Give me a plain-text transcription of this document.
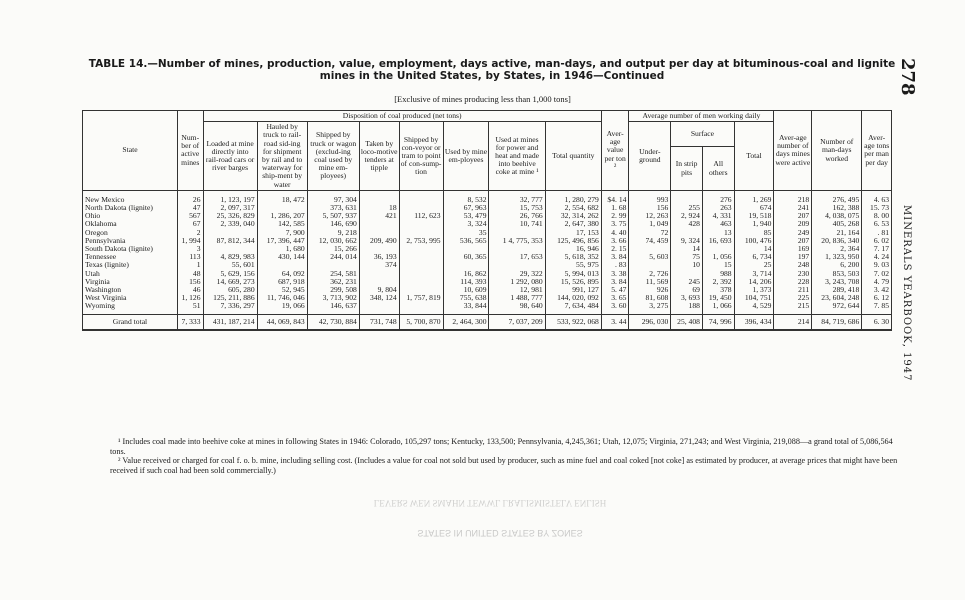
TABLE 14.—Number of mines, production, value, employment, days active, man-days, and output per day at bituminous-coal and lignite
mines in the United States, by States, in 1946—Continued
[Exclusive of mines producing less than 1,000 tons]
278
MINERALS YEARBOOK, 1947
State	Num-ber of active mines	Disposition of coal produced (net tons)								Aver-age value per ton ²	Average number of men working daily				Aver-age number of days mines were active	Number of man-days worked	Aver-age tons per man per day
		Loaded at mine directly into rail-road cars or river barges	Hauled by truck to rail-road sid-ing for shipment by rail and to waterway for ship-ment by water	Shipped by truck or wagon (exclud-ing coal used by mine em-ployees)	Taken by loco-motive tenders at tipple	Shipped by con-veyor or tram to point of con-sump-tion	Used by mine em-ployees	Used at mines for power and heat and made into beehive coke at mine ¹	Total quantity		Under-ground	Surface		Total			
												In strip pits	All others				
New Mexico	26	1, 123, 197	18, 472	97, 304			8, 532	32, 777	1, 280, 279	$4. 14	993		276	1, 269	218	276, 495	4. 63
North Dakota (lignite)	47	2, 097, 317		373, 631	18		67, 963	15, 753	2, 554, 682	1. 68	156	255	263	674	241	162, 388	15. 73
Ohio	567	25, 326, 829	1, 286, 207	5, 507, 937	421	112, 623	53, 479	26, 766	32, 314, 262	2. 99	12, 263	2, 924	4, 331	19, 518	207	4, 038, 075	8. 00
Oklahoma	67	2, 339, 040	142, 585	146, 690			3, 324	10, 741	2, 647, 380	3. 75	1, 049	428	463	1, 940	209	405, 268	6. 53
Oregon	2		7, 900	9, 218			35		17, 153	4. 40	72		13	85	249	21, 164	. 81
Pennsylvania	1, 994	87, 812, 344	17, 396, 447	12, 030, 662	209, 490	2, 753, 995	536, 565	1 4, 775, 353	125, 496, 856	3. 66	74, 459	9, 324	16, 693	100, 476	207	20, 836, 340	6. 02
South Dakota (lignite)	3		1, 680	15, 266					16, 946	2. 15		14		14	169	2, 364	7. 17
Tennessee	113	4, 829, 983	430, 144	244, 014	36, 193		60, 365	17, 653	5, 618, 352	3. 84	5, 603	75	1, 056	6, 734	197	1, 323, 950	4. 24
Texas (lignite)	1	55, 601			374				55, 975	. 83		10	15	25	248	6, 200	9. 03
Utah	48	5, 629, 156	64, 092	254, 581			16, 862	29, 322	5, 994, 013	3. 38	2, 726		988	3, 714	230	853, 503	7. 02
Virginia	156	14, 669, 273	687, 918	362, 231			114, 393	1 292, 080	15, 526, 895	3. 84	11, 569	245	2, 392	14, 206	228	3, 243, 708	4. 79
Washington	46	605, 280	52, 945	299, 508	9, 804		10, 609	12, 981	991, 127	5. 47	926	69	378	1, 373	211	289, 418	3. 42
West Virginia	1, 126	125, 211, 886	11, 746, 046	3, 713, 902	348, 124	1, 757, 819	755, 638	1 488, 777	144, 020, 092	3. 65	81, 608	3, 693	19, 450	104, 751	225	23, 604, 248	6. 12
Wyoming	51	7, 336, 297	19, 066	146, 637			33, 844	98, 640	7, 634, 484	3. 60	3, 275	188	1, 066	4, 529	215	972, 644	7. 85
Grand total	7, 333	431, 187, 214	44, 069, 843	42, 730, 884	731, 748	5, 700, 870	2, 464, 300	7, 037, 209	533, 922, 068	3. 44	296, 030	25, 408	74, 996	396, 434	214	84, 719, 686	6. 30

¹ Includes coal made into beehive coke at mines in following States in 1946: Colorado, 105,297 tons; Kentucky, 133,500; Pennsylvania, 4,245,361; Utah, 12,075; Virginia, 271,243; and West Virginia, 219,088—a grand total of 5,086,564 tons.

² Value received or charged for coal f. o. b. mine, including selling cost. (Includes a value for coal not sold but used by producer, such as mine fuel and coal coked [not coke] as estimated by producer, at average prices that might have been received if such coal had been sold commercially.)

LEVERS WEN SMAHN TEWWL LRALISMISTELV ENLISH
STATES IN UNITED STATES BY ZONES
